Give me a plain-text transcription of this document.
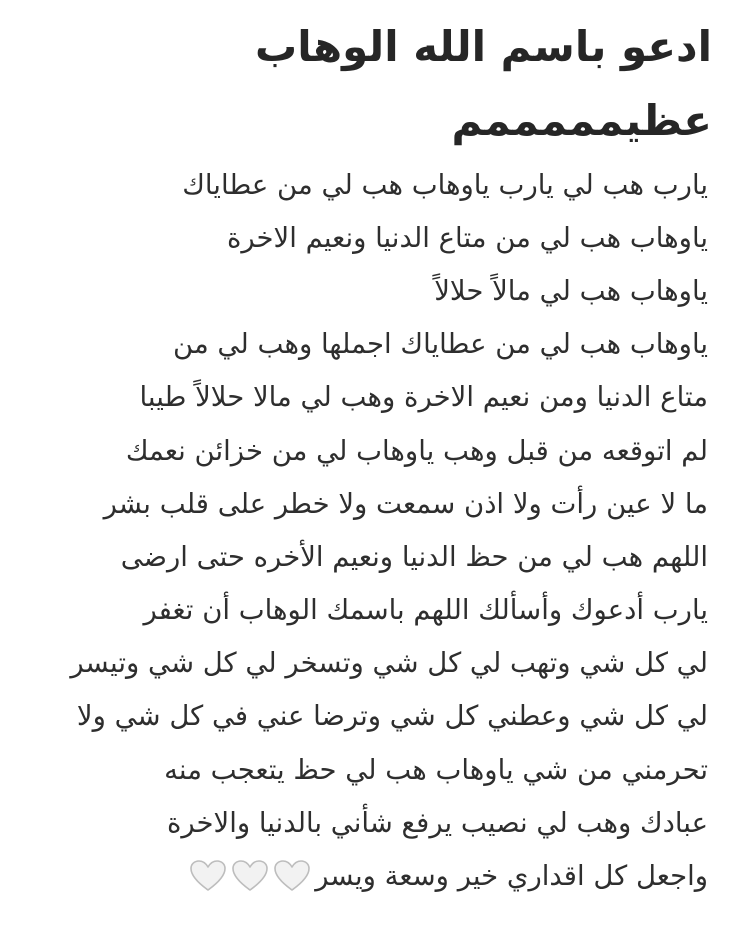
ادعو باسم الله الوهاب
عظيمممممم
يارب هب لي يارب ياوهاب هب لي من عطاياك
ياوهاب هب لي من متاع الدنيا ونعيم الاخرة
ياوهاب هب لي مالاً حلالاً
ياوهاب هب لي من عطاياك اجملها وهب لي من
متاع الدنيا ومن نعيم الاخرة وهب لي مالا حلالاً طيبا
لم اتوقعه من قبل وهب ياوهاب لي من خزائن نعمك
ما لا عين رأت ولا اذن سمعت ولا خطر على قلب بشر
اللهم هب لي من حظ الدنيا ونعيم الأخره حتى ارضى
يارب أدعوك وأسألك اللهم باسمك الوهاب أن تغفر
لي كل شي وتهب لي كل شي وتسخر لي كل شي وتيسر
لي كل شي وعطني كل شي وترضا عني في كل شي ولا
تحرمني من شي ياوهاب هب لي حظ يتعجب منه
عبادك وهب لي نصيب يرفع شأني بالدنيا والاخرة
واجعل كل اقداري خير وسعة ويسر
